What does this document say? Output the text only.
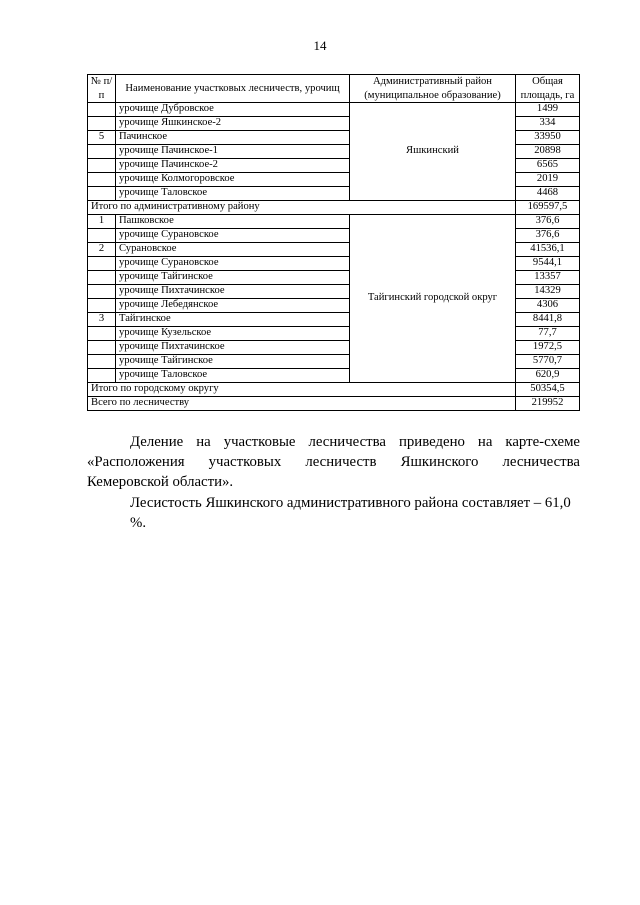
14
№ п/п	Наименование участковых лесничеств, урочищ	Административный район (муниципальное образование)	Общая площадь, га
	урочище Дубровское	Яшкинский	1499
	урочище Яшкинское-2		334
5	Пачинское		33950
	урочище Пачинское-1		20898
	урочище Пачинское-2		6565
	урочище Колмогоровское		2019
	урочище Таловское		4468
Итого по административному району			169597,5
1	Пашковское	Тайгинский городской округ	376,6
	урочище Сурановское		376,6
2	Сурановское		41536,1
	урочище Сурановское		9544,1
	урочище Тайгинское		13357
	урочище Пихтачинское		14329
	урочище Лебедянское		4306
3	Тайгинское		8441,8
	урочище Кузельское		77,7
	урочище Пихтачинское		1972,5
	урочище Тайгинское		5770,7
	урочище Таловское		620,9
Итого по городскому округу			50354,5
Всего по лесничеству			219952
Деление на участковые лесничества приведено на карте-схеме «Расположения участковых лесничеств Яшкинского лесничества Кемеровской области».
Лесистость Яшкинского административного района составляет – 61,0 %.
